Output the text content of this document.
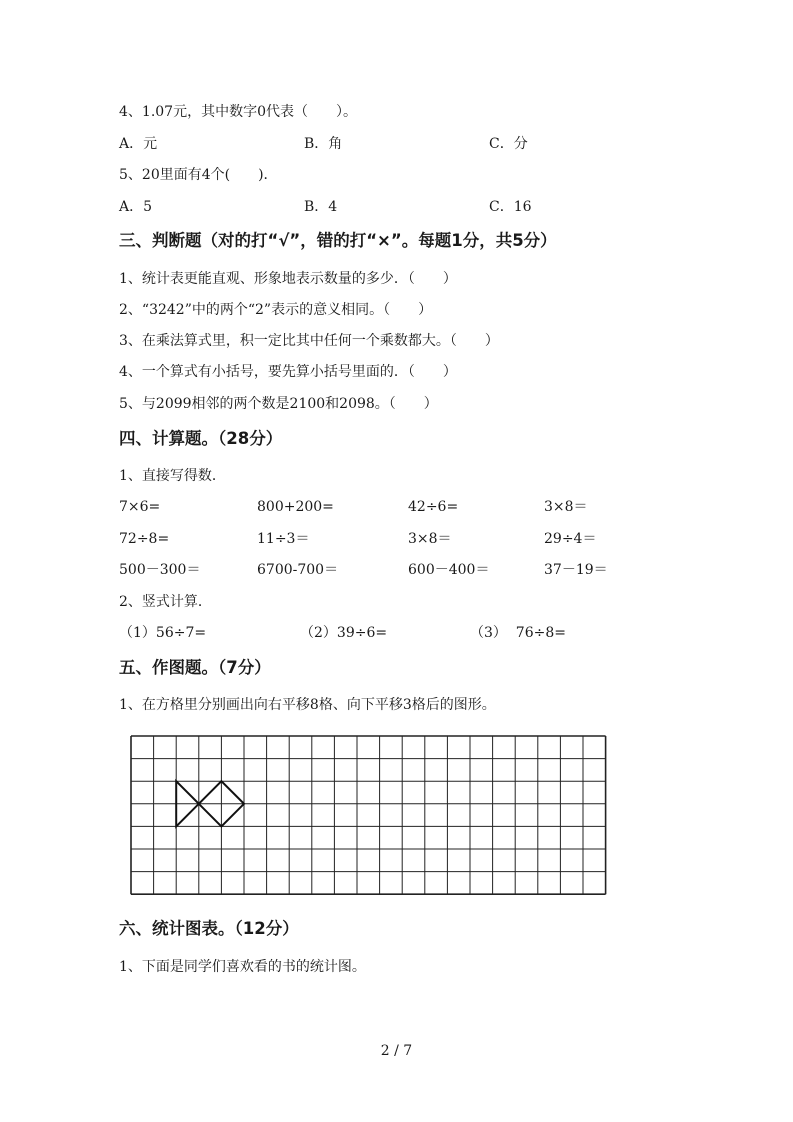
4、1.07元，其中数字0代表（　　）。
A．元	B．角	C．分
5、20里面有4个(　　)．
A．5	B．4	C．16
三、判断题（对的打“√”，错的打“×”。每题1分，共5分）
1、统计表更能直观、形象地表示数量的多少．（　　）
2、“3242”中的两个“2”表示的意义相同。（　　）
3、在乘法算式里，积一定比其中任何一个乘数都大。（　　）
4、一个算式有小括号，要先算小括号里面的．（　　）
5、与2099相邻的两个数是2100和2098。（　　）
四、计算题。（28分）
1、直接写得数．
7×6=	800+200=	42÷6=	3×8＝
72÷8=	11÷3＝	3×8＝	29÷4＝
500－300＝	6700-700＝	600－400＝	37－19＝
2、竖式计算．
（1）56÷7=	（2）39÷6=	（3）  76÷8=
五、作图题。（7分）
1、在方格里分别画出向右平移8格、向下平移3格后的图形。
六、统计图表。（12分）
1、下面是同学们喜欢看的书的统计图。
2 / 7
